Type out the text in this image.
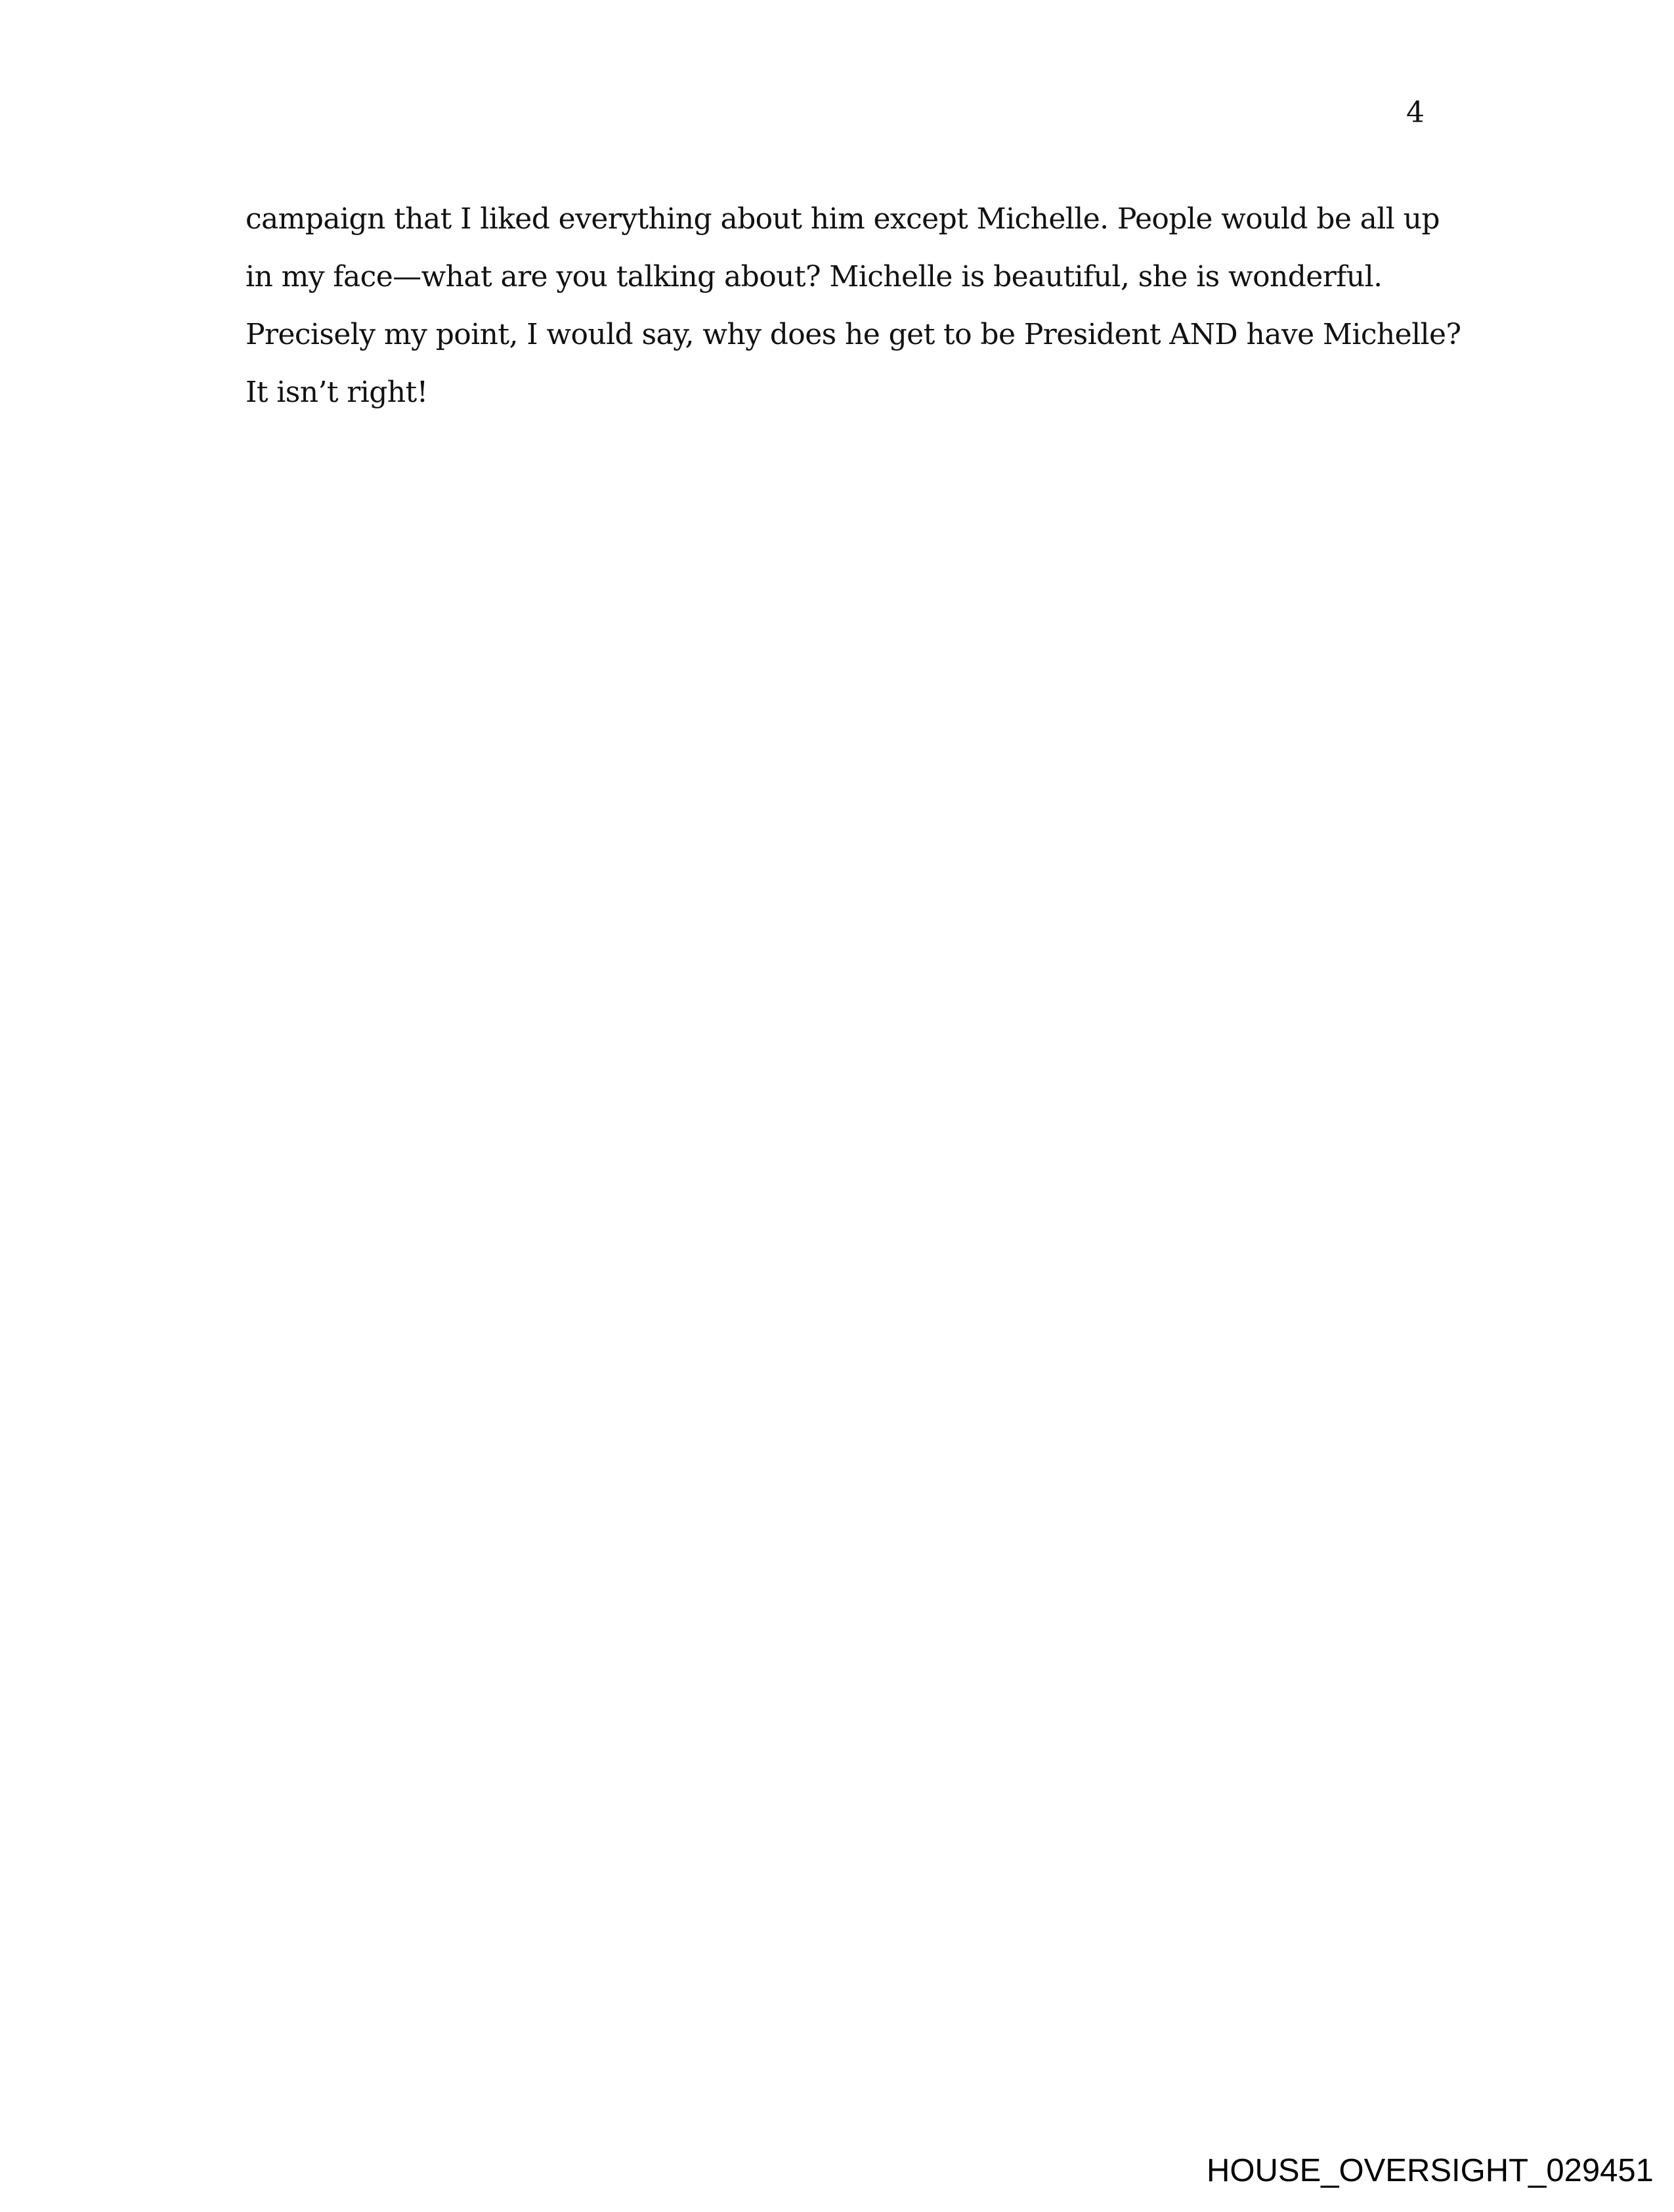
4
campaign that I liked everything about him except Michelle. People would be all up
in my face—what are you talking about? Michelle is beautiful, she is wonderful.
Precisely my point, I would say, why does he get to be President AND have Michelle?
It isn’t right!
HOUSE_OVERSIGHT_029451
